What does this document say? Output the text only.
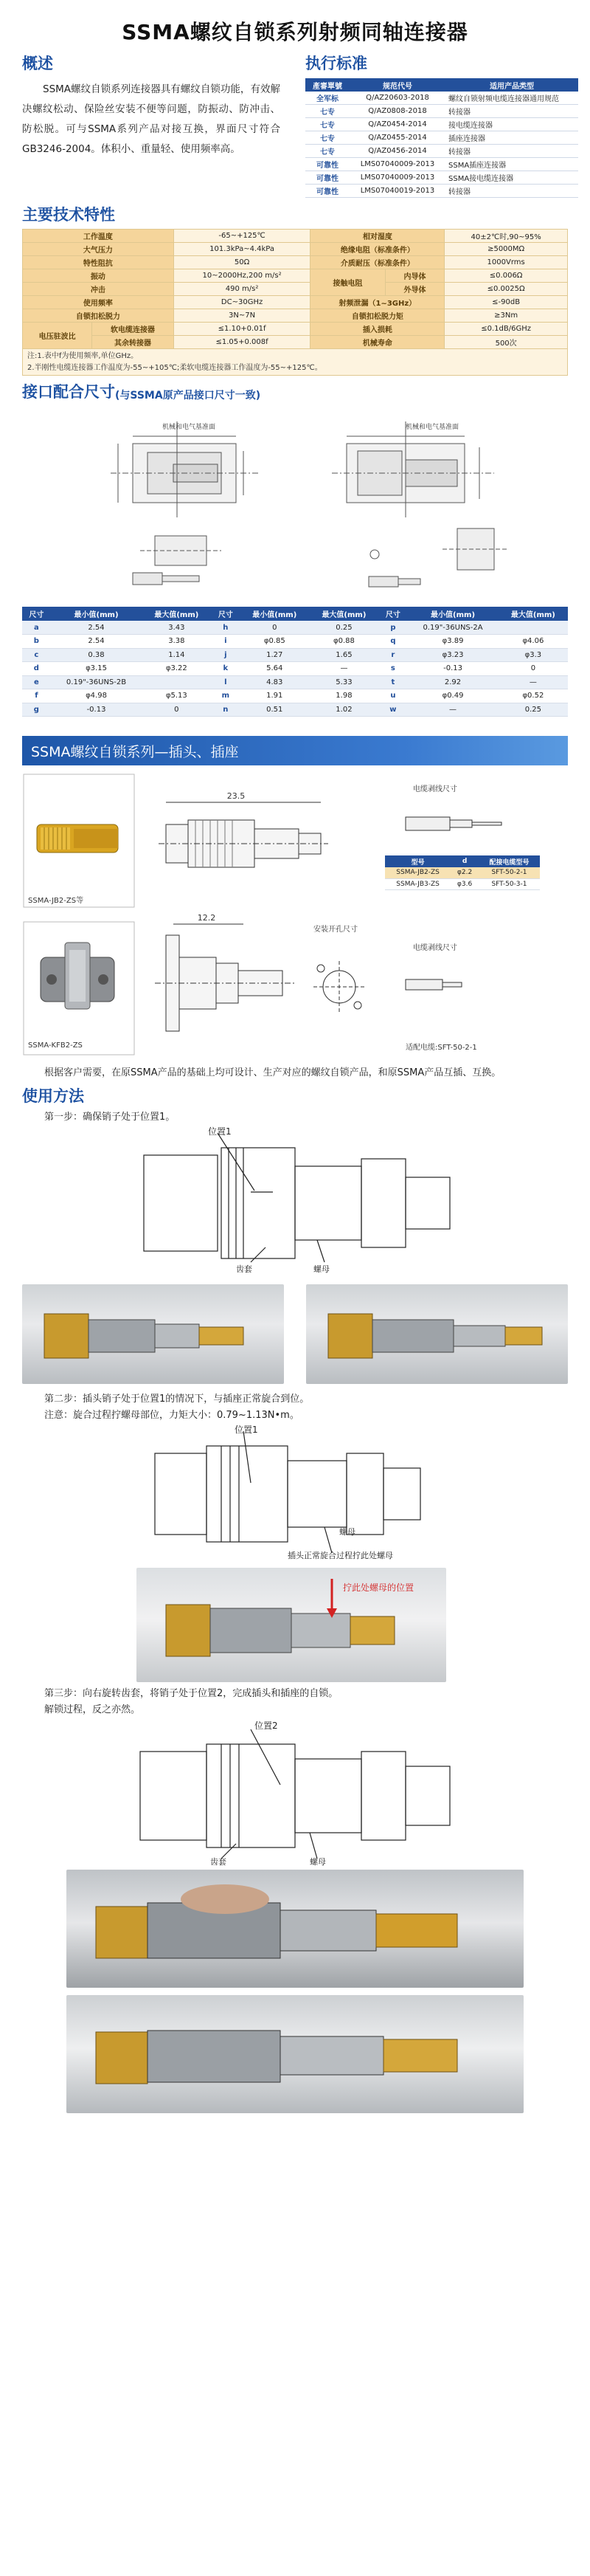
SSMA螺纹自锁系列射频同轴连接器
概述

SSMA螺纹自锁系列连接器具有螺纹自锁功能，有效解决螺纹松动、保险丝安装不便等问题，防振动、防冲击、防松脱。可与SSMA系列产品对接互换，界面尺寸符合GB3246-2004。体积小、重量轻、使用频率高。

执行标准
產審單號	规范代号	适用产品类型
全军标	Q/AZ20603-2018	螺纹自锁射频电缆连接器通用规范
七专	Q/AZ0808-2018	转接器
七专	Q/AZ0454-2014	接电缆连接器
七专	Q/AZ0455-2014	插座连接器
七专	Q/AZ0456-2014	转接器
可靠性	LMS07040009-2013	SSMA插座连接器
可靠性	LMS07040009-2013	SSMA接电缆连接器
可靠性	LMS07040019-2013	转接器
主要技术特性
工作温度		-65~+125℃	相对湿度		40±2℃时,90~95%
大气压力		101.3kPa~4.4kPa	绝缘电阻（标准条件）		≥5000MΩ
特性阻抗		50Ω	介质耐压（标准条件）		1000Vrms
振动		10~2000Hz,200 m/s²	接触电阻	内导体	≤0.006Ω
冲击		490 m/s²		外导体	≤0.0025Ω
使用频率		DC~30GHz	射频泄漏（1~3GHz）		≤-90dB
自锁扣松脱力		3N~7N	自锁扣松脱力矩		≥3Nm
电压驻波比	软电缆连接器	≤1.10+0.01f	插入损耗		≤0.1dB/6GHz
	其余转接器	≤1.05+0.008f	机械寿命		500次
注:1.表中f为使用频率,单位GHz。
2.半刚性电缆连接器工作温度为-55~+105℃;柔软电缆连接器工作温度为-55~+125℃。					
接口配合尺寸 (与SSMA原产品接口尺寸一致)
机械和电气基准面	机械和电气基准面
尺寸	最小值(mm)	最大值(mm)	尺寸	最小值(mm)	最大值(mm)	尺寸	最小值(mm)	最大值(mm)
a	2.54	3.43	h	0	0.25	p	0.19"-36UNS-2A	
b	2.54	3.38	i	φ0.85	φ0.88	q	φ3.89	φ4.06
c	0.38	1.14	j	1.27	1.65	r	φ3.23	φ3.3
d	φ3.15	φ3.22	k	5.64	—	s	-0.13	0
e	0.19"-36UNS-2B		l	4.83	5.33	t	2.92	—
f	φ4.98	φ5.13	m	1.91	1.98	u	φ0.49	φ0.52
g	-0.13	0	n	0.51	1.02	w	—	0.25
SSMA螺纹自锁系列—插头、插座
23.5
电缆剥线尺寸
12.2
安装开孔尺寸
电缆剥线尺寸
适配电缆:SFT-50-2-1
SSMA-JB2-ZS等
SSMA-KFB2-ZS
型号	d	配接电缆型号
SSMA-JB2-ZS	φ2.2	SFT-50-2-1
SSMA-JB3-ZS	φ3.6	SFT-50-3-1
根据客户需要，在原SSMA产品的基础上均可设计、生产对应的螺纹自锁产品，和原SSMA产品互插、互换。
使用方法
第一步：确保销子处于位置1。
位置1
齿套	螺母
第二步：插头销子处于位置1的情况下，与插座正常旋合到位。
注意：旋合过程拧螺母部位，力矩大小：0.79~1.13N•m。
位置1
螺母
插头正常旋合过程拧此处螺母
拧此处螺母的位置
第三步：向右旋转齿套，将销子处于位置2，完成插头和插座的自锁。
解锁过程，反之亦然。
位置2
齿套	螺母
